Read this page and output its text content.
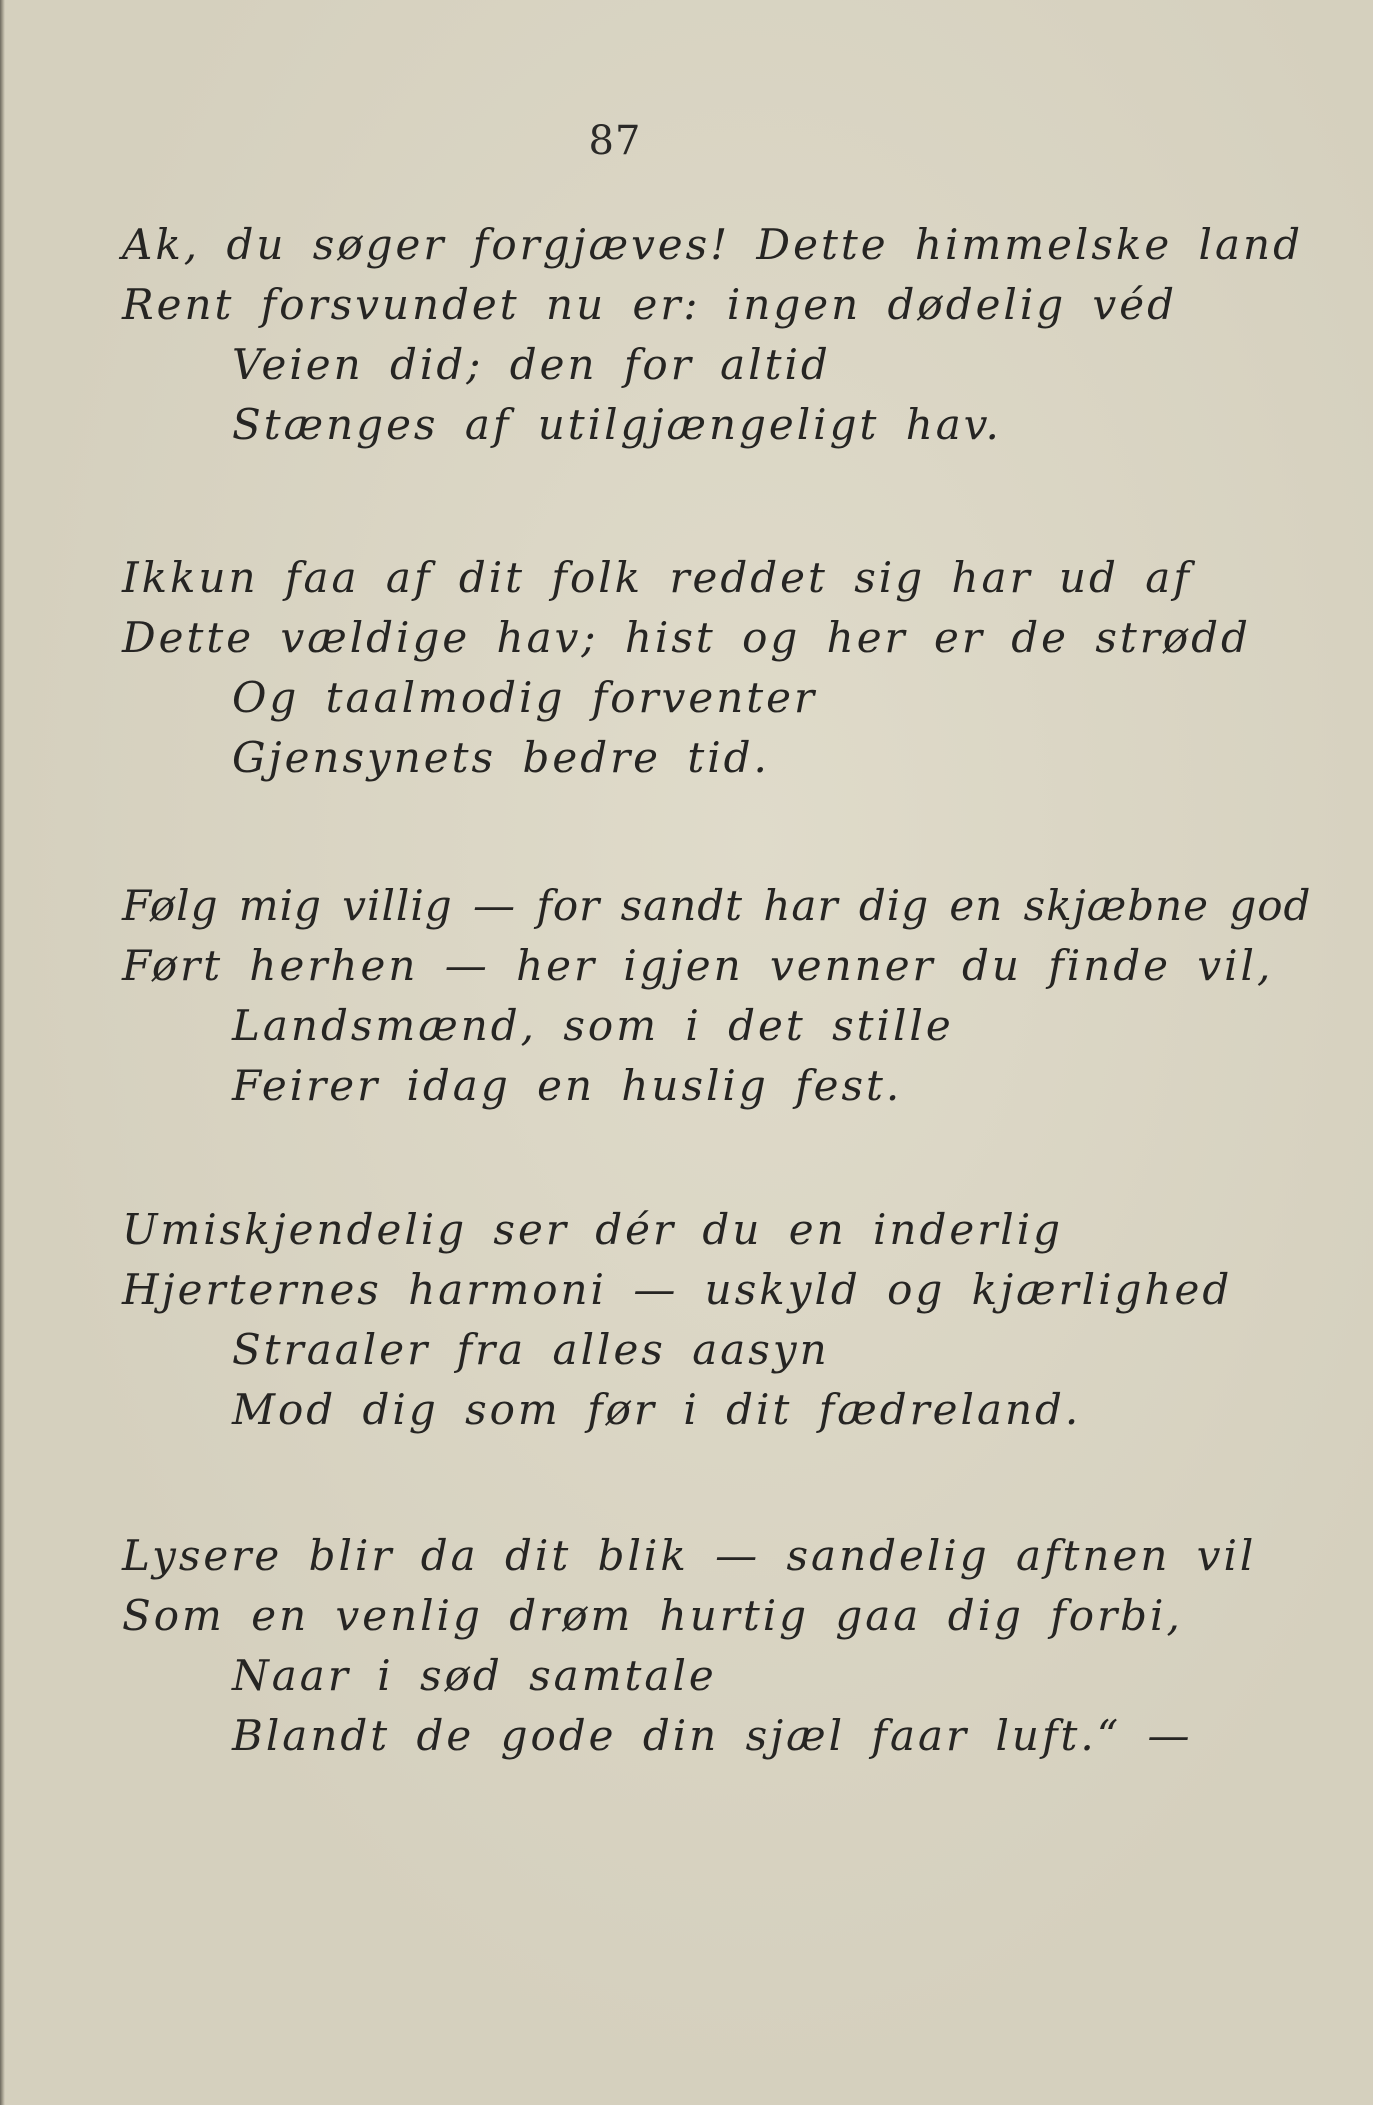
87
Ak, du søger forgjæves! Dette himmelske land
Rent forsvundet nu er: ingen dødelig véd
Veien did; den for altid
Stænges af utilgjængeligt hav.
Ikkun faa af dit folk reddet sig har ud af
Dette vældige hav; hist og her er de strødd
Og taalmodig forventer
Gjensynets bedre tid.
Følg mig villig — for sandt har dig en skjæbne god
Ført herhen — her igjen venner du finde vil,
Landsmænd, som i det stille
Feirer idag en huslig fest.
Umiskjendelig ser dér du en inderlig
Hjerternes harmoni — uskyld og kjærlighed
Straaler fra alles aasyn
Mod dig som før i dit fædreland.
Lysere blir da dit blik — sandelig aftnen vil
Som en venlig drøm hurtig gaa dig forbi,
Naar i sød samtale
Blandt de gode din sjæl faar luft.“ —
